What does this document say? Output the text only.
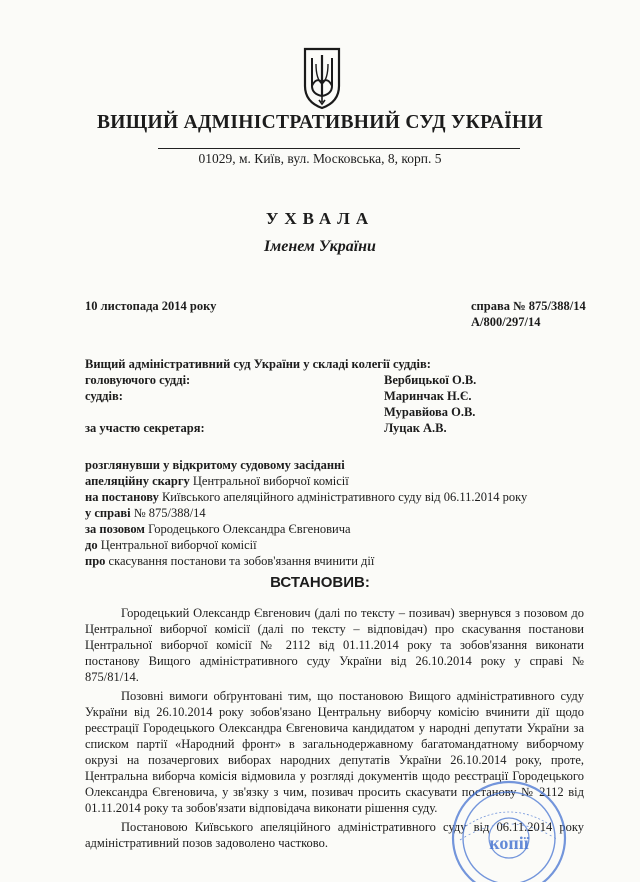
ВИЩИЙ АДМІНІСТРАТИВНИЙ СУД УКРАЇНИ
01029, м. Київ, вул. Московська, 8, корп. 5
УХВАЛА
Іменем України
10 листопада 2014 року	справа № 875/388/14
А/800/297/14
Вищий адміністративний суд України у складі колегії суддів:
головуючого судді:	Вербицької О.В.
суддів:	Маринчак Н.Є.
Муравйова О.В.
за участю секретаря:	Луцак А.В.
розглянувши у відкритому судовому засіданні
апеляційну скаргу Центральної виборчої комісії
на постанову Київського апеляційного адміністративного суду від 06.11.2014 року
у справі № 875/388/14
за позовом Городецького Олександра Євгеновича
до Центральної виборчої комісії
про скасування постанови та зобов'язання вчинити дії
ВСТАНОВИВ:
Городецький Олександр Євгенович (далі по тексту – позивач) звернувся з позовом до
Центральної виборчої комісії (далі по тексту – відповідач) про скасування постанови
Центральної виборчої комісії № 2112 від 01.11.2014 року та зобов'язання виконати
постанову Вищого адміністративного суду України від 26.10.2014 року у справі №
875/81/14.
Позовні вимоги обґрунтовані тим, що постановою Вищого адміністративного суду
України від 26.10.2014 року зобов'язано Центральну виборчу комісію вчинити дії щодо
реєстрації Городецького Олександра Євгеновича кандидатом у народні депутати України за
списком партії «Народний фронт» в загальнодержавному багатомандатному виборчому
окрузі на позачергових виборах народних депутатів України 26.10.2014 року, проте,
Центральна виборча комісія відмовила у розгляді документів щодо реєстрації Городецького
Олександра Євгеновича, у зв'язку з чим, позивач просить скасувати постанову № 2112 від
01.11.2014 року та зобов'язати відповідача виконати рішення суду.
Постановою Київського апеляційного адміністративного суду від 06.11.2014 року
адміністративний позов задоволено частково.	копії
